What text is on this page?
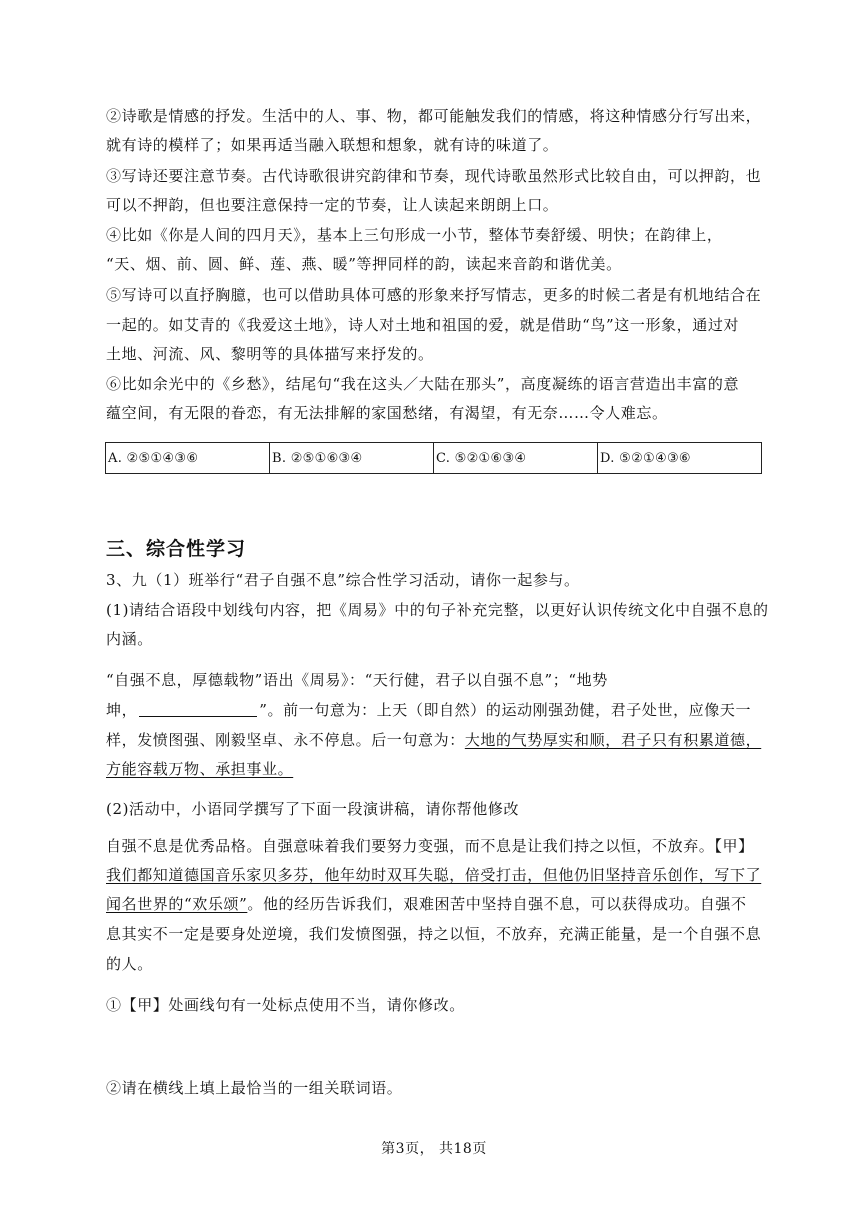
②诗歌是情感的抒发。生活中的人、事、物，都可能触发我们的情感，将这种情感分行写出来，
就有诗的模样了；如果再适当融入联想和想象，就有诗的味道了。
③写诗还要注意节奏。古代诗歌很讲究韵律和节奏，现代诗歌虽然形式比较自由，可以押韵，也
可以不押韵，但也要注意保持一定的节奏，让人读起来朗朗上口。
④比如《你是人间的四月天》，基本上三句形成一小节，整体节奏舒缓、明快；在韵律上，
“天、烟、前、圆、鲜、莲、燕、暖”等押同样的韵，读起来音韵和谐优美。
⑤写诗可以直抒胸臆，也可以借助具体可感的形象来抒写情志，更多的时候二者是有机地结合在
一起的。如艾青的《我爱这土地》，诗人对土地和祖国的爱，就是借助“鸟”这一形象，通过对
土地、河流、风、黎明等的具体描写来抒发的。
⑥比如余光中的《乡愁》，结尾句“我在这头／大陆在那头”，高度凝练的语言营造出丰富的意
蕴空间，有无限的眷恋，有无法排解的家国愁绪，有渴望，有无奈……令人难忘。
A. ②⑤①④③⑥	B. ②⑤①⑥③④	C. ⑤②①⑥③④	D. ⑤②①④③⑥
三、综合性学习
3、九（1）班举行“君子自强不息”综合性学习活动，请你一起参与。
(1)请结合语段中划线句内容，把《周易》中的句子补充完整，以更好认识传统文化中自强不息的
内涵。
“自强不息，厚德载物”语出《周易》：“天行健，君子以自强不息”；“地势
坤，	”。前一句意为：上天（即自然）的运动刚强劲健，君子处世，应像天一
样，发愤图强、刚毅坚卓、永不停息。后一句意为：大地的气势厚实和顺，君子只有积累道德，
方能容载万物、承担事业。
(2)活动中，小语同学撰写了下面一段演讲稿，请你帮他修改
自强不息是优秀品格。自强意味着我们要努力变强，而不息是让我们持之以恒，不放弃。【甲】
我们都知道德国音乐家贝多芬，他年幼时双耳失聪，倍受打击，但他仍旧坚持音乐创作，写下了
闻名世界的“欢乐颂”。他的经历告诉我们，艰难困苦中坚持自强不息，可以获得成功。自强不
息其实不一定是要身处逆境，我们发愤图强，持之以恒，不放弃，充满正能量，是一个自强不息
的人。
①【甲】处画线句有一处标点使用不当，请你修改。
②请在横线上填上最恰当的一组关联词语。
第3页， 共18页
